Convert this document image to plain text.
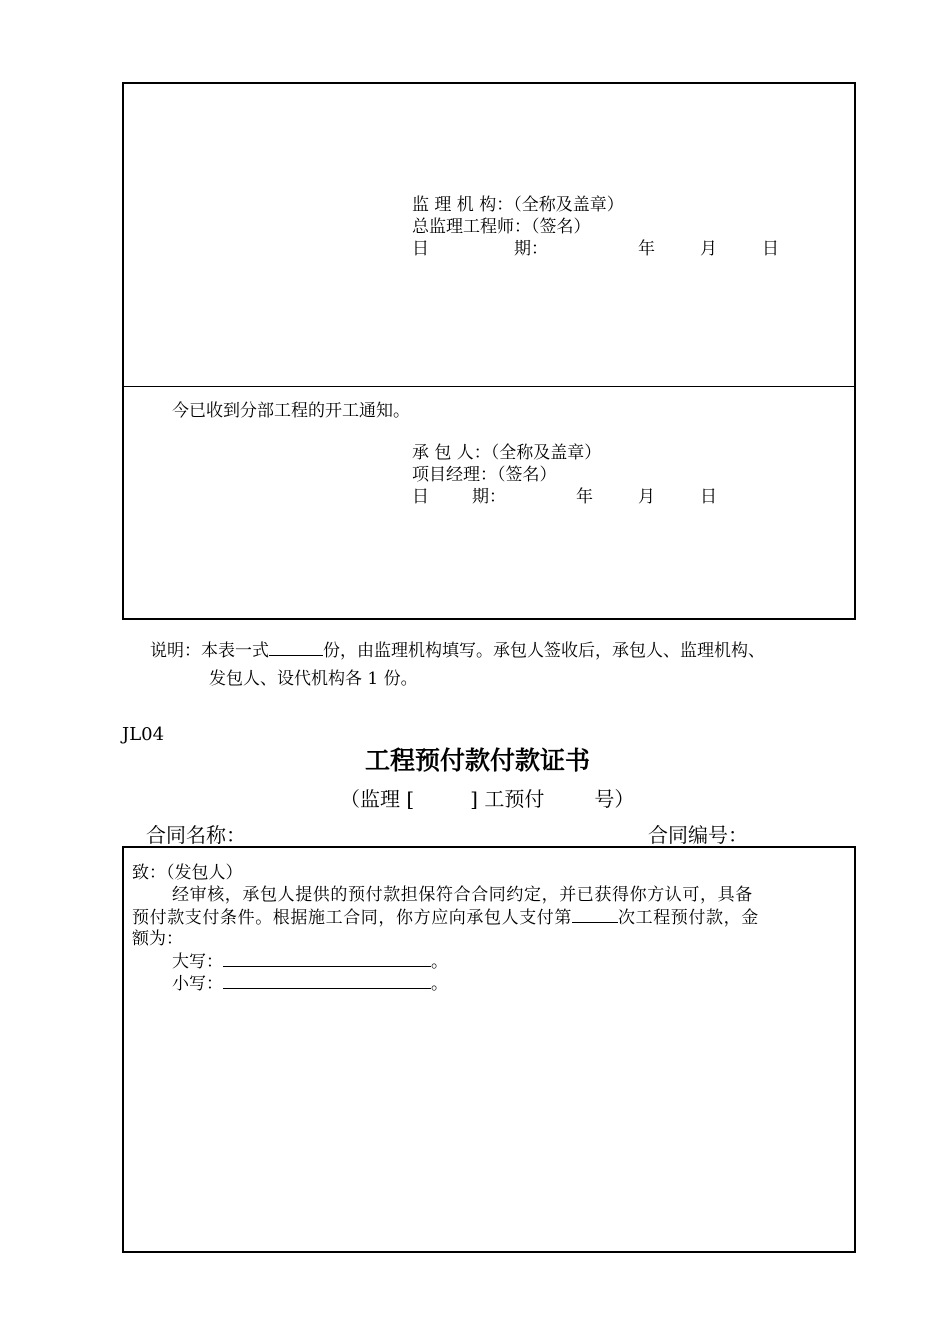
监 理 机 构：（全称及盖章）
总监理工程师：（签名）
日	期：	年	月	日
今已收到分部工程的开工通知。
承 包 人：（全称及盖章）
项目经理：（签名）
日	期：	年	月	日
说明：本表一式	份，由监理机构填写。承包人签收后，承包人、监理机构、
发包人、设代机构各 1 份。
JL04
工程预付款付款证书
（监理 [	] 工预付	号）
合同名称：	合同编号：
致：（发包人）
经审核，承包人提供的预付款担保符合合同约定，并已获得你方认可，具备
预付款支付条件。根据施工合同，你方应向承包人支付第	次工程预付款，金
额为：
大写：	。
小写：	。
